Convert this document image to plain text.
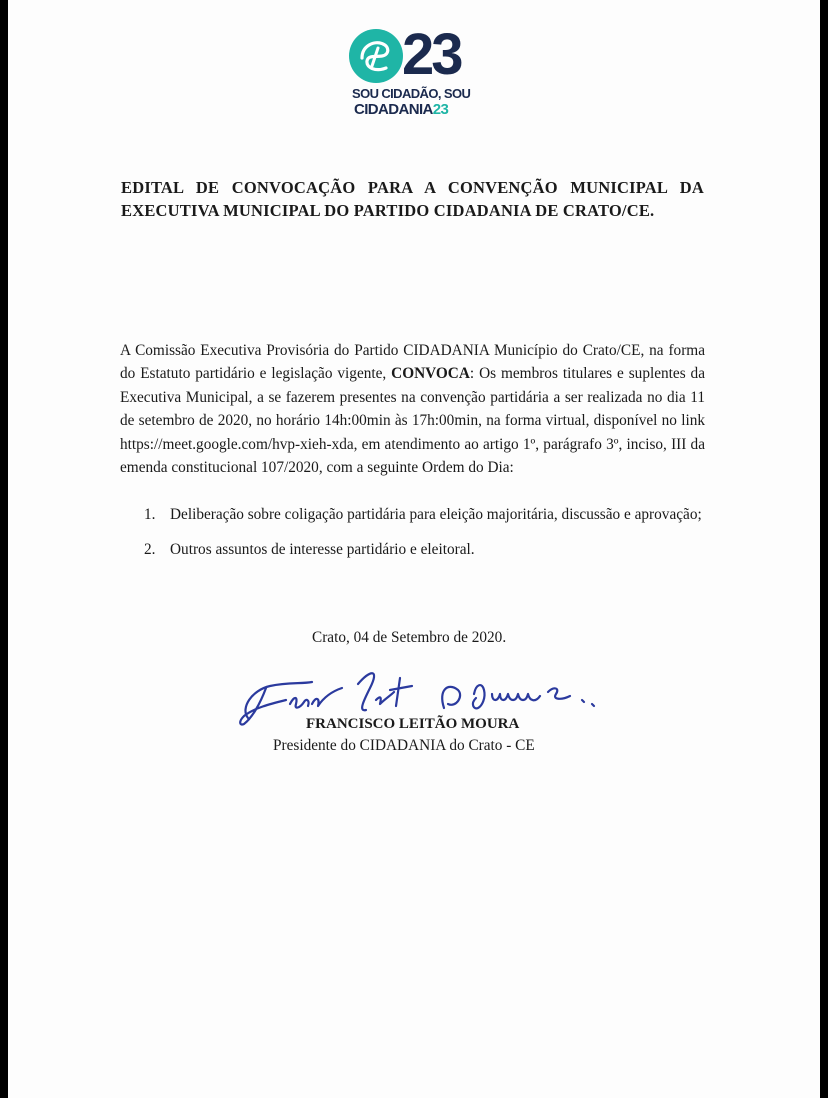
23
SOU CIDADÃO, SOU
CIDADANIA23
EDITAL DE CONVOCAÇÃO PARA A CONVENÇÃO MUNICIPAL DA EXECUTIVA MUNICIPAL DO PARTIDO CIDADANIA DE CRATO/CE.
A Comissão Executiva Provisória do Partido CIDADANIA Município do Crato/CE, na forma do Estatuto partidário e legislação vigente, CONVOCA: Os membros titulares e suplentes da Executiva Municipal, a se fazerem presentes na convenção partidária a ser realizada no dia 11 de setembro de 2020, no horário 14h:00min às 17h:00min, na forma virtual, disponível no link https://meet.google.com/hvp-xieh-xda, em atendimento ao artigo 1º, parágrafo 3º, inciso, III da emenda constitucional 107/2020, com a seguinte Ordem do Dia:
1. Deliberação sobre coligação partidária para eleição majoritária, discussão e aprovação;
2. Outros assuntos de interesse partidário e eleitoral.
Crato, 04 de Setembro de 2020.
FRANCISCO LEITÃO MOURA
Presidente do CIDADANIA do Crato - CE
